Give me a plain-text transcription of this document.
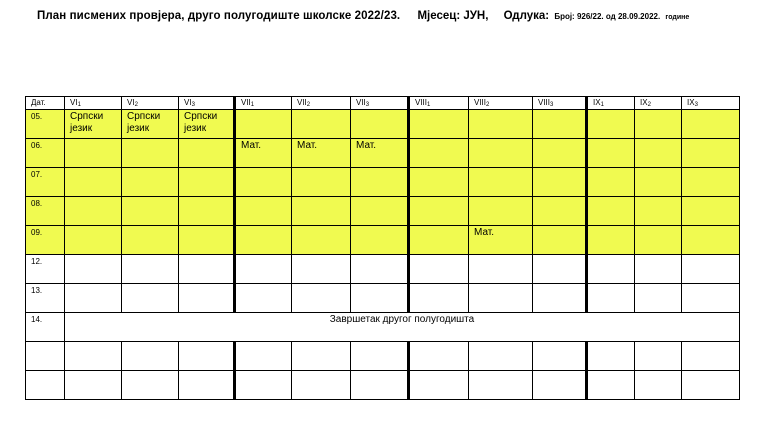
План писмених провјера, друго полугодиште школске 2022/23. Мјесец: ЈУН, Одлука: Број: 926/22. од 28.09.2022. године
Дат.	$VI_1$	$VI_2$	$VI_3$	$VII_1$	$VII_2$	$VII_3$	$VIII_1$	$VIII_2$	$VIII_3$	$IX_1$	$IX_2$	$IX_3$
05.	Српски језик	Српски језик	Српски језик									
06.				Мат.	Мат.	Мат.						
07.												
08.												
09.								Мат.				
12.												
13.												
14.	Завршетак другог полугодишта											
